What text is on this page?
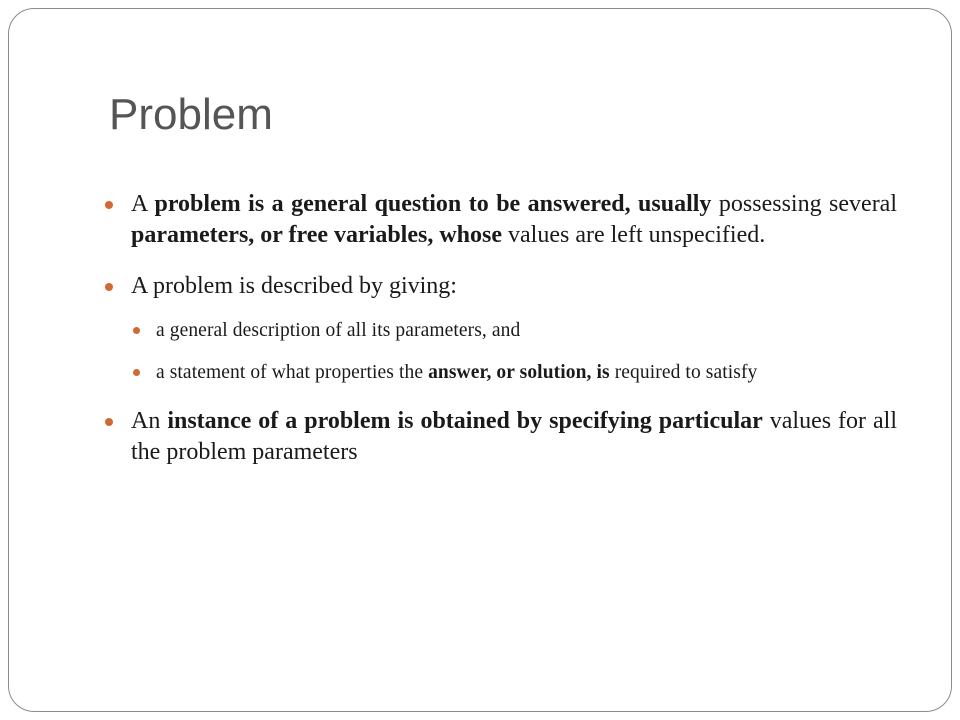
Problem
A problem is a general question to be answered, usually possessing several parameters, or free variables, whose values are left unspecified.
A problem is described by giving:
a general description of all its parameters, and
a statement of what properties the answer, or solution, is required to satisfy
An instance of a problem is obtained by specifying particular values for all the problem parameters
